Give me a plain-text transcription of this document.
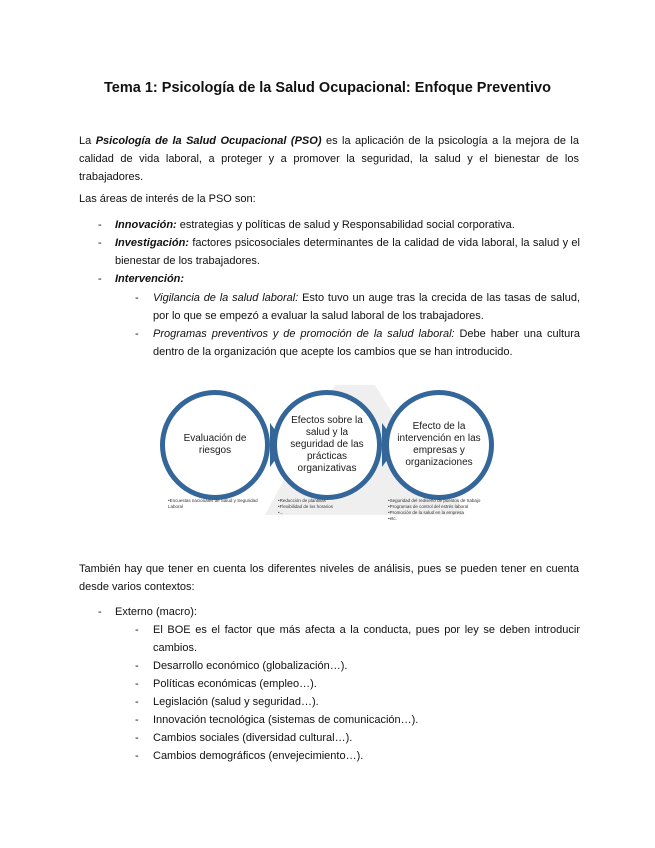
Tema 1: Psicología de la Salud Ocupacional: Enfoque Preventivo
La Psicología de la Salud Ocupacional (PSO) es la aplicación de la psicología a la mejora de la calidad de vida laboral, a proteger y a promover la seguridad, la salud y el bienestar de los trabajadores.
Las áreas de interés de la PSO son:
- Innovación: estrategias y políticas de salud y Responsabilidad social corporativa.
- Investigación: factores psicosociales determinantes de la calidad de vida laboral, la salud y el bienestar de los trabajadores.
- Intervención:
- Vigilancia de la salud laboral: Esto tuvo un auge tras la crecida de las tasas de salud, por lo que se empezó a evaluar la salud laboral de los trabajadores.
- Programas preventivos y de promoción de la salud laboral: Debe haber una cultura dentro de la organización que acepte los cambios que se han introducido.
Evaluación de riesgos
Efectos sobre la salud y la seguridad de las prácticas organizativas
Efecto de la intervención en las empresas y organizaciones
•Encuestas nacionales de Salud y Seguridad Laboral
•Reducción de plantillas
•Flexibilidad de los horarios
•...
•Seguridad del rediseño de puestos de trabajo
•Programas de control del estrés laboral
•Promoción de la salud en la empresa
•etc.
También hay que tener en cuenta los diferentes niveles de análisis, pues se pueden tener en cuenta desde varios contextos:
- Externo (macro):
- El BOE es el factor que más afecta a la conducta, pues por ley se deben introducir cambios.
- Desarrollo económico (globalización…).
- Políticas económicas (empleo…).
- Legislación (salud y seguridad…).
- Innovación tecnológica (sistemas de comunicación…).
- Cambios sociales (diversidad cultural…).
- Cambios demográficos (envejecimiento…).
